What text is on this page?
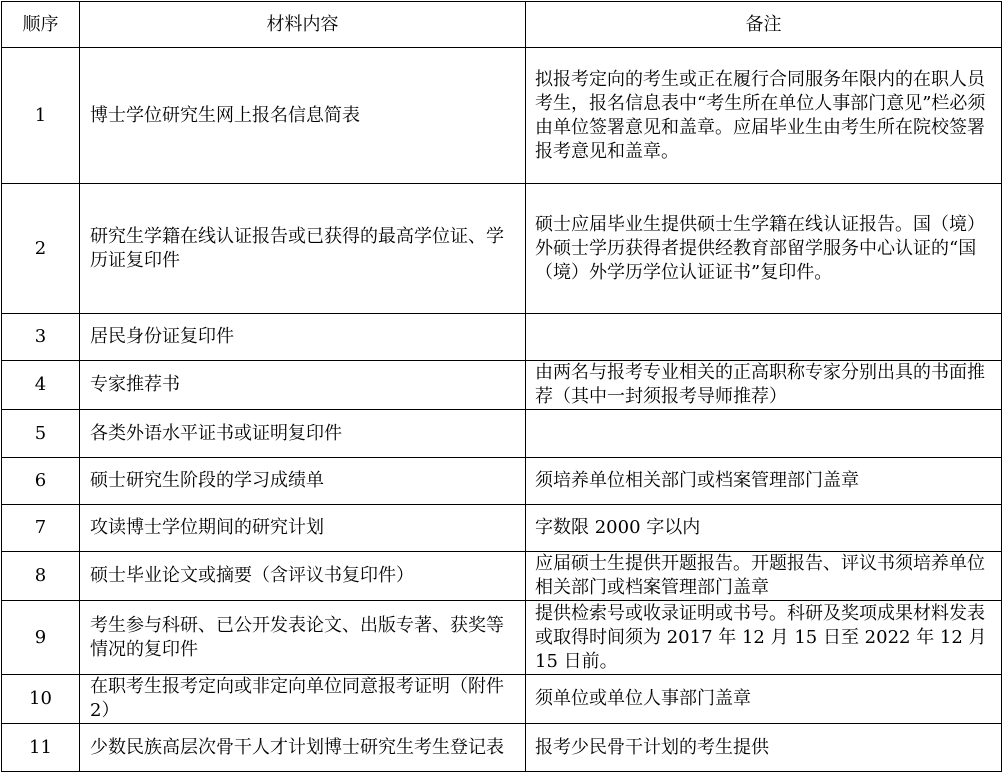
顺序	材料内容	备注
1	博士学位研究生网上报名信息简表	拟报考定向的考生或正在履行合同服务年限内的在职人员考生，报名信息表中“考生所在单位人事部门意见”栏必须由单位签署意见和盖章。应届毕业生由考生所在院校签署报考意见和盖章。
2	研究生学籍在线认证报告或已获得的最高学位证、学历证复印件	硕士应届毕业生提供硕士生学籍在线认证报告。国（境）外硕士学历获得者提供经教育部留学服务中心认证的“国（境）外学历学位认证证书”复印件。
3	居民身份证复印件	
4	专家推荐书	由两名与报考专业相关的正高职称专家分别出具的书面推荐（其中一封须报考导师推荐）
5	各类外语水平证书或证明复印件	
6	硕士研究生阶段的学习成绩单	须培养单位相关部门或档案管理部门盖章
7	攻读博士学位期间的研究计划	字数限 2000 字以内
8	硕士毕业论文或摘要（含评议书复印件）	应届硕士生提供开题报告。开题报告、评议书须培养单位相关部门或档案管理部门盖章
9	考生参与科研、已公开发表论文、出版专著、获奖等情况的复印件	提供检索号或收录证明或书号。科研及奖项成果材料发表或取得时间须为 2017 年 12 月 15 日至 2022 年 12 月 15 日前。
10	在职考生报考定向或非定向单位同意报考证明（附件 2）	须单位或单位人事部门盖章
11	少数民族高层次骨干人才计划博士研究生考生登记表	报考少民骨干计划的考生提供
